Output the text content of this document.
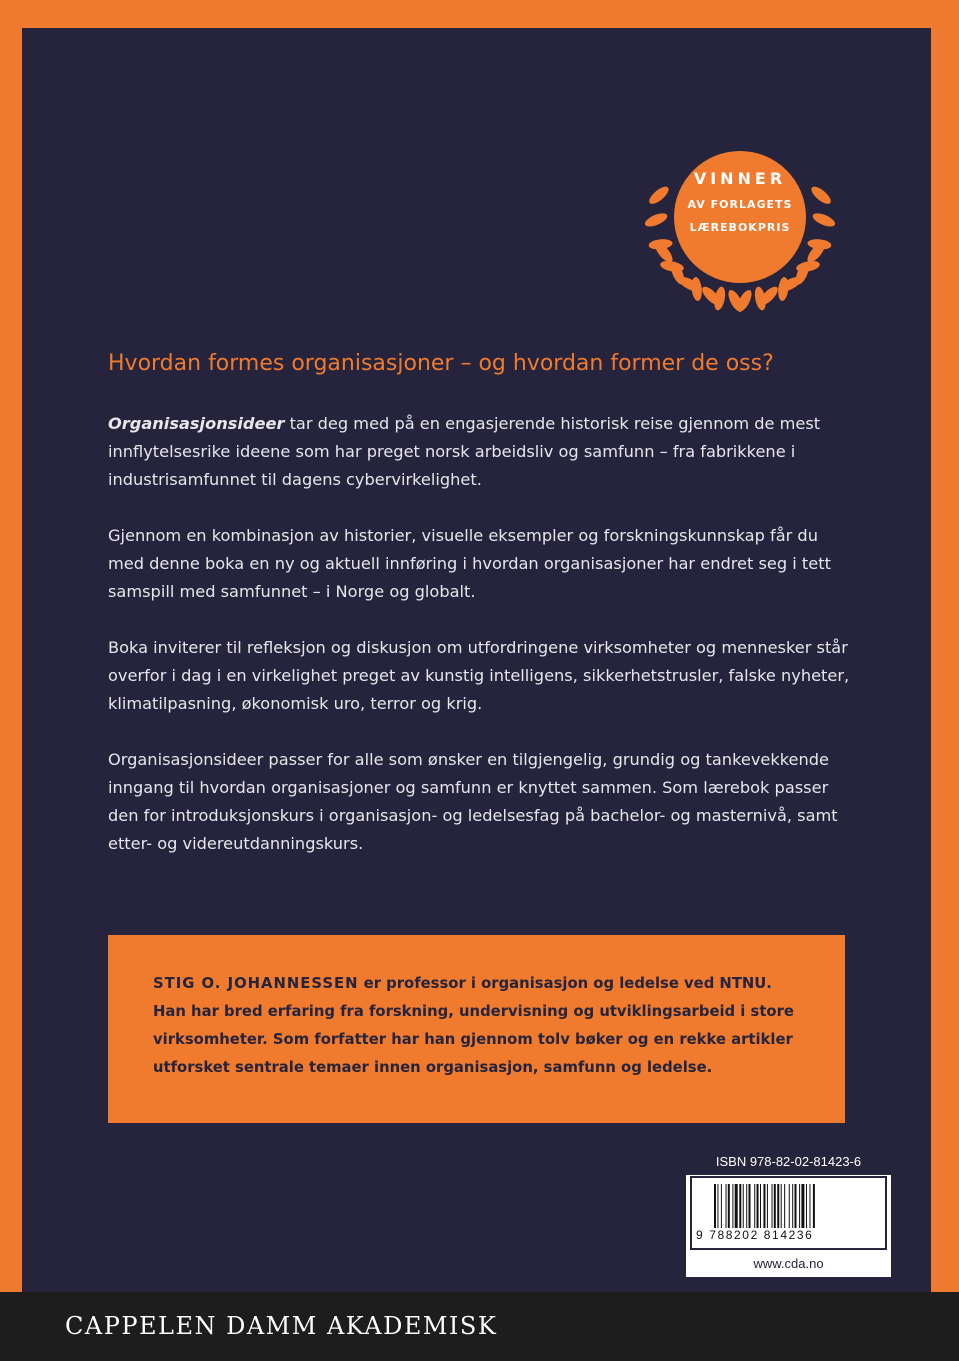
VINNER
AV FORLAGETS
LÆREBOKPRIS
Hvordan formes organisasjoner – og hvordan former de oss?

Organisasjonsideer tar deg med på en engasjerende historisk reise gjennom de mest innflytelsesrike ideene som har preget norsk arbeidsliv og samfunn – fra fabrikkene i industrisamfunnet til dagens cybervirkelighet.

Gjennom en kombinasjon av historier, visuelle eksempler og forskningskunnskap får du med denne boka en ny og aktuell innføring i hvordan organisasjoner har endret seg i tett samspill med samfunnet – i Norge og globalt.

Boka inviterer til refleksjon og diskusjon om utfordringene virksomheter og mennesker står overfor i dag i en virkelighet preget av kunstig intelligens, sikkerhetstrusler, falske nyheter, klimatilpasning, økonomisk uro, terror og krig.

Organisasjonsideer passer for alle som ønsker en tilgjengelig, grundig og tankevekkende inngang til hvordan organisasjoner og samfunn er knyttet sammen. Som lærebok passer den for introduksjonskurs i organisasjon- og ledelsesfag på bachelor- og masternivå, samt etter- og videreutdanningskurs.

STIG O. JOHANNESSEN er professor i organisasjon og ledelse ved NTNU. Han har bred erfaring fra forskning, undervisning og utviklingsarbeid i store virksomheter. Som forfatter har han gjennom tolv bøker og en rekke artikler utforsket sentrale temaer innen organisasjon, samfunn og ledelse.

ISBN 978-82-02-81423-6
9 788202 814236
www.cda.no
CAPPELEN DAMM AKADEMISK
